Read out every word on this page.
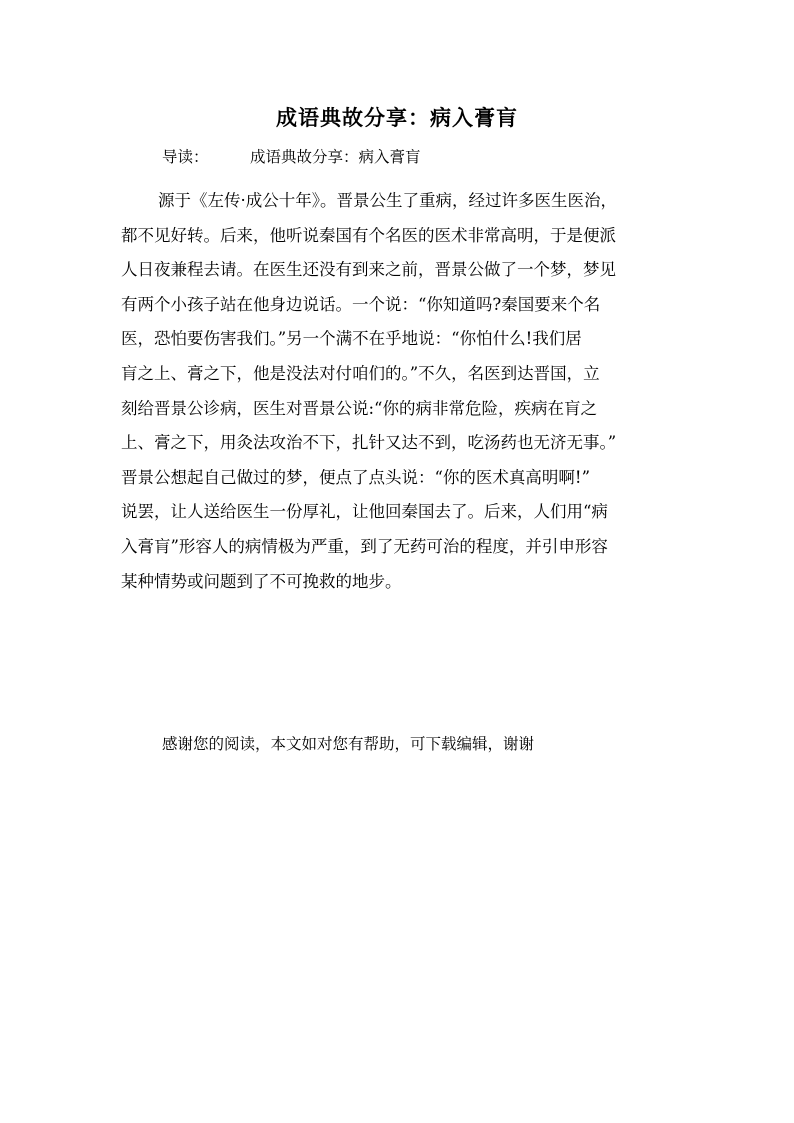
成语典故分享：病入膏肓
导读：	成语典故分享：病入膏肓
源于《左传·成公十年》。晋景公生了重病，经过许多医生医治，
都不见好转。后来，他听说秦国有个名医的医术非常高明，于是便派
人日夜兼程去请。在医生还没有到来之前，晋景公做了一个梦，梦见
有两个小孩子站在他身边说话。一个说：“你知道吗?秦国要来个名
医，恐怕要伤害我们。”另一个满不在乎地说：“你怕什么!我们居
肓之上、膏之下，他是没法对付咱们的。”不久，名医到达晋国，立
刻给晋景公诊病，医生对晋景公说:“你的病非常危险，疾病在肓之
上、膏之下，用灸法攻治不下，扎针又达不到，吃汤药也无济无事。”
晋景公想起自己做过的梦，便点了点头说：“你的医术真高明啊!”
说罢，让人送给医生一份厚礼，让他回秦国去了。后来，人们用“病
入膏肓”形容人的病情极为严重，到了无药可治的程度，并引申形容
某种情势或问题到了不可挽救的地步。
感谢您的阅读，本文如对您有帮助，可下载编辑，谢谢
